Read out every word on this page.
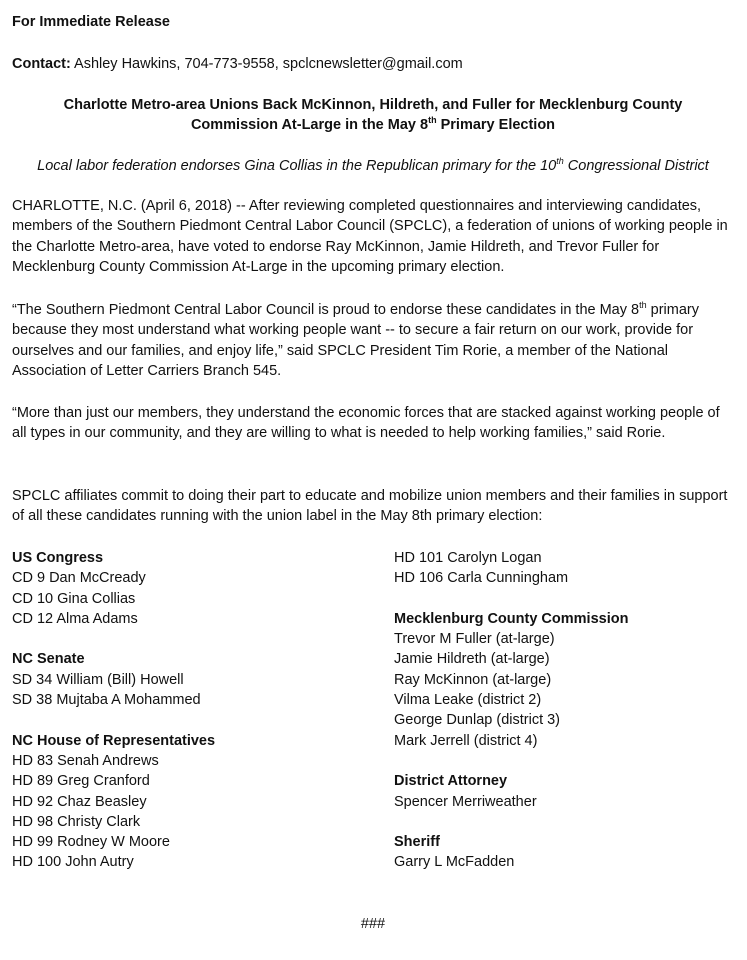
For Immediate Release

Contact: Ashley Hawkins, 704-773-9558, spclcnewsletter@gmail.com

Charlotte Metro-area Unions Back McKinnon, Hildreth, and Fuller for Mecklenburg County
Commission At-Large in the May 8th Primary Election

Local labor federation endorses Gina Collias in the Republican primary for the 10th Congressional District

CHARLOTTE, N.C. (April 6, 2018) -- After reviewing completed questionnaires and interviewing candidates, members of the Southern Piedmont Central Labor Council (SPCLC), a federation of unions of working people in the Charlotte Metro-area, have voted to endorse Ray McKinnon, Jamie Hildreth, and Trevor Fuller for Mecklenburg County Commission At-Large in the upcoming primary election.

“The Southern Piedmont Central Labor Council is proud to endorse these candidates in the May 8th primary because they most understand what working people want -- to secure a fair return on our work, provide for ourselves and our families, and enjoy life,” said SPCLC President Tim Rorie, a member of the National Association of Letter Carriers Branch 545.

“More than just our members, they understand the economic forces that are stacked against working people of all types in our community, and they are willing to what is needed to help working families,” said Rorie.

SPCLC affiliates commit to doing their part to educate and mobilize union members and their families in support of all these candidates running with the union label in the May 8th primary election:

US Congress
CD 9 Dan McCready
CD 10 Gina Collias
CD 12 Alma Adams
NC Senate
SD 34 William (Bill) Howell
SD 38 Mujtaba A Mohammed
NC House of Representatives
HD 83 Senah Andrews
HD 89 Greg Cranford
HD 92 Chaz Beasley
HD 98 Christy Clark
HD 99 Rodney W Moore
HD 100 John Autry
HD 101 Carolyn Logan
HD 106 Carla Cunningham
Mecklenburg County Commission
Trevor M Fuller (at-large)
Jamie Hildreth (at-large)
Ray McKinnon (at-large)
Vilma Leake (district 2)
George Dunlap (district 3)
Mark Jerrell (district 4)
District Attorney
Spencer Merriweather
Sheriff
Garry L McFadden

###
